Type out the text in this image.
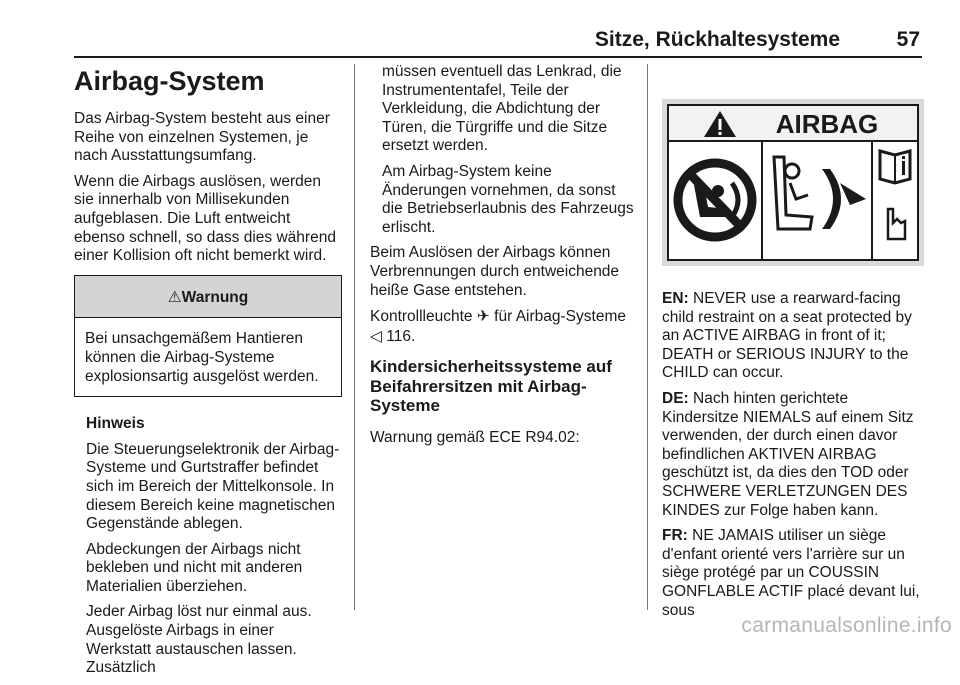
Sitze, Rückhaltesysteme	57
Airbag-System

Das Airbag-System besteht aus einer Reihe von einzelnen Systemen, je nach Ausstattungsumfang.

Wenn die Airbags auslösen, werden sie innerhalb von Millisekunden aufgeblasen. Die Luft entweicht ebenso schnell, so dass dies während einer Kollision oft nicht bemerkt wird.

⚠Warnung
Bei unsachgemäßem Hantieren können die Airbag-Systeme explosionsartig ausgelöst werden.

Hinweis

Die Steuerungselektronik der Airbag-Systeme und Gurtstraffer befindet sich im Bereich der Mittelkonsole. In diesem Bereich keine magnetischen Gegenstände ablegen.

Abdeckungen der Airbags nicht bekleben und nicht mit anderen Materialien überziehen.

Jeder Airbag löst nur einmal aus. Ausgelöste Airbags in einer Werkstatt austauschen lassen. Zusätzlich

müssen eventuell das Lenkrad, die Instrumententafel, Teile der Verkleidung, die Abdichtung der Türen, die Türgriffe und die Sitze ersetzt werden.

Am Airbag-System keine Änderungen vornehmen, da sonst die Betriebserlaubnis des Fahrzeugs erlischt.

Beim Auslösen der Airbags können Verbrennungen durch entweichende heiße Gase entstehen.

Kontrollleuchte ✈ für Airbag-Systeme
◁ 116.

Kindersicherheitssysteme auf Beifahrersitzen mit Airbag-Systeme

Warnung gemäß ECE R94.02:

AIRBAG

EN: NEVER use a rearward-facing child restraint on a seat protected by an ACTIVE AIRBAG in front of it; DEATH or SERIOUS INJURY to the CHILD can occur.

DE: Nach hinten gerichtete Kindersitze NIEMALS auf einem Sitz verwenden, der durch einen davor befindlichen AKTIVEN AIRBAG geschützt ist, da dies den TOD oder SCHWERE VERLETZUNGEN DES KINDES zur Folge haben kann.

FR: NE JAMAIS utiliser un siège d'enfant orienté vers l'arrière sur un siège protégé par un COUSSIN GONFLABLE ACTIF placé devant lui, sous

carmanualsonline.info
